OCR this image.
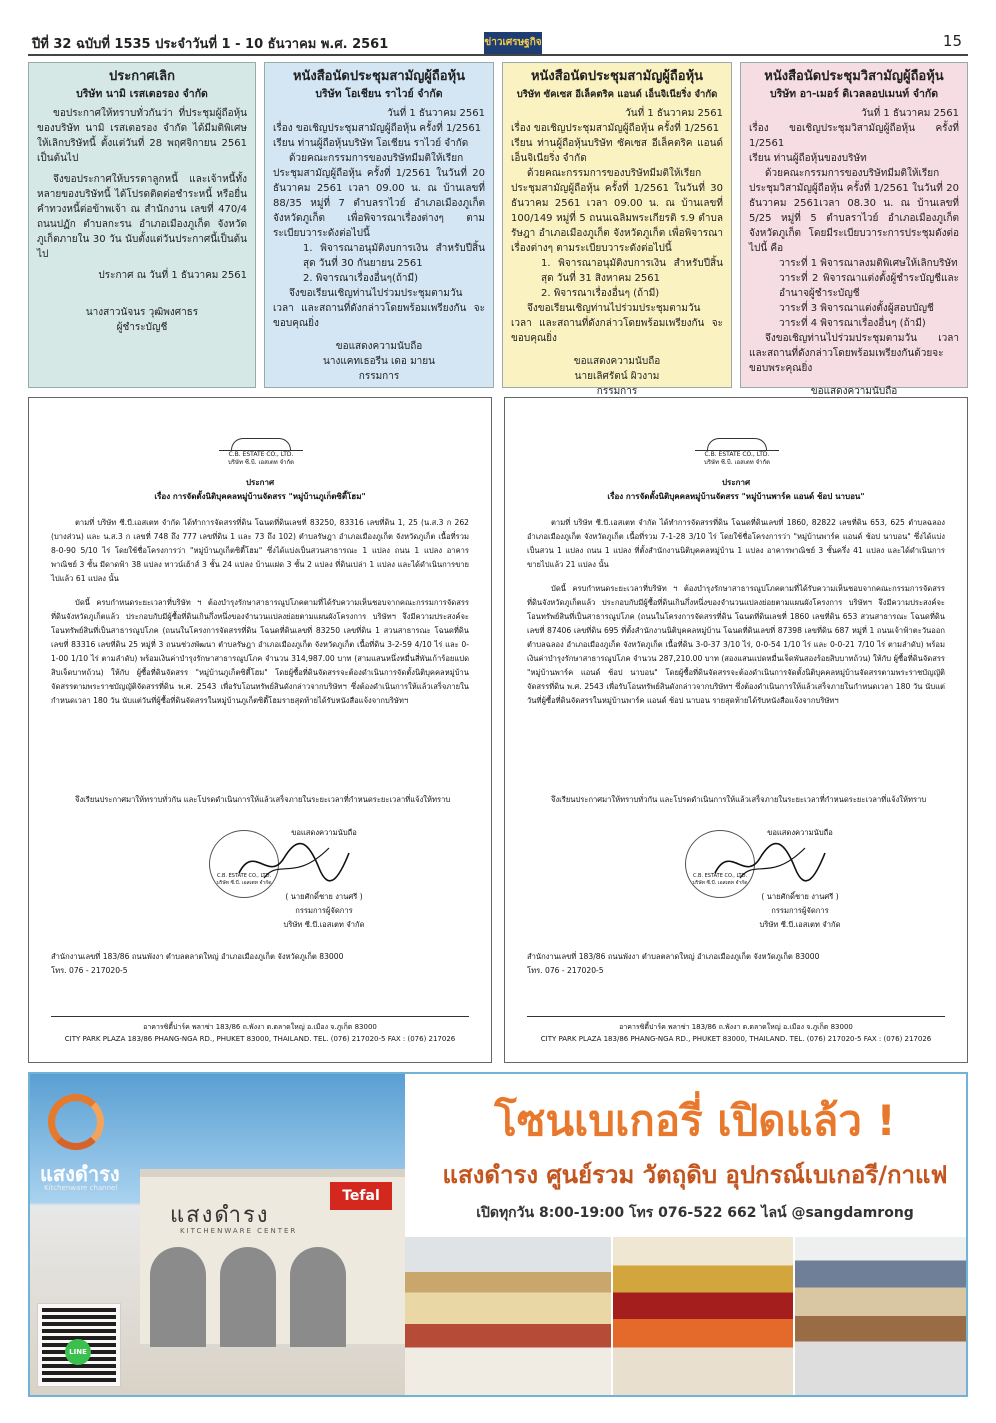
ปีที่ 32 ฉบับที่ 1535 ประจำวันที่ 1 - 10 ธันวาคม พ.ศ. 2561	ข่าวเศรษฐกิจ	15
ประกาศเลิก
บริษัท นามิ เรสเตอรอง จำกัด

ขอประกาศให้ทราบทั่วกันว่า ที่ประชุมผู้ถือหุ้นของบริษัท นามิ เรสเตอรอง จำกัด ได้มีมติพิเศษให้เลิกบริษัทนี้ ตั้งแต่วันที่ 28 พฤศจิกายน 2561 เป็นต้นไป

จึงขอประกาศให้บรรดาลูกหนี้ และเจ้าหนี้ทั้งหลายของบริษัทนี้ ได้โปรดติดต่อชำระหนี้ หรือยื่นคำทวงหนี้ต่อข้าพเจ้า ณ สำนักงาน เลขที่ 470/4 ถนนปฏัก ตำบลกะรน อำเภอเมืองภูเก็ต จังหวัดภูเก็ตภายใน 30 วัน นับตั้งแต่วันประกาศนี้เป็นต้นไป

ประกาศ ณ วันที่ 1 ธันวาคม 2561

นางสาวนัจนร วุฒิพงศาธร
ผู้ชำระบัญชี
หนังสือนัดประชุมสามัญผู้ถือหุ้น
บริษัท โอเชียน ราไวย์ จำกัด
วันที่ 1 ธันวาคม 2561

เรื่อง ขอเชิญประชุมสามัญผู้ถือหุ้น ครั้งที่ 1/2561

เรียน ท่านผู้ถือหุ้นบริษัท โอเชียน ราไวย์ จำกัด

ด้วยคณะกรรมการของบริษัทมีมติให้เรียกประชุมสามัญผู้ถือหุ้น ครั้งที่ 1/2561 ในวันที่ 20 ธันวาคม 2561 เวลา 09.00 น. ณ บ้านเลขที่ 88/35 หมู่ที่ 7 ตำบลราไวย์ อำเภอเมืองภูเก็ต จังหวัดภูเก็ต เพื่อพิจารณาเรื่องต่างๆ ตามระเบียบวาระดังต่อไปนี้

1. พิจารณาอนุมัติงบการเงิน สำหรับปีสิ้นสุด วันที่ 30 กันยายน 2561

2. พิจารณาเรื่องอื่นๆ(ถ้ามี)

จึงขอเรียนเชิญท่านไปร่วมประชุมตามวัน เวลา และสถานที่ดังกล่าวโดยพร้อมเพรียงกัน จะขอบคุณยิ่ง

ขอแสดงความนับถือ
นางแคทเธอรีน เดอ มายน
กรรมการ
หนังสือนัดประชุมสามัญผู้ถือหุ้น
บริษัท ซัคเซส อีเล็คตริค แอนด์ เอ็นจิเนียริ่ง จำกัด
วันที่ 1 ธันวาคม 2561

เรื่อง ขอเชิญประชุมสามัญผู้ถือหุ้น ครั้งที่ 1/2561

เรียน ท่านผู้ถือหุ้นบริษัท ซัคเซส อีเล็คตริค แอนด์ เอ็นจิเนียริ่ง จำกัด

ด้วยคณะกรรมการของบริษัทมีมติให้เรียกประชุมสามัญผู้ถือหุ้น ครั้งที่ 1/2561 ในวันที่ 30 ธันวาคม 2561 เวลา 09.00 น. ณ บ้านเลขที่ 100/149 หมู่ที่ 5 ถนนเฉลิมพระเกียรติ ร.9 ตำบลรัษฎา อำเภอเมืองภูเก็ต จังหวัดภูเก็ต เพื่อพิจารณาเรื่องต่างๆ ตามระเบียบวาระดังต่อไปนี้

1. พิจารณาอนุมัติงบการเงิน สำหรับปีสิ้นสุด วันที่ 31 สิงหาคม 2561

2. พิจารณาเรื่องอื่นๆ (ถ้ามี)

จึงขอเรียนเชิญท่านไปร่วมประชุมตามวัน เวลา และสถานที่ดังกล่าวโดยพร้อมเพรียงกัน จะขอบคุณยิ่ง

ขอแสดงความนับถือ
นายเลิศรัตน์ ผิวงาม
กรรมการ
หนังสือนัดประชุมวิสามัญผู้ถือหุ้น
บริษัท อา-เมอร์ ดิเวลลอปเมนท์ จำกัด
วันที่ 1 ธันวาคม 2561

เรื่อง ขอเชิญประชุมวิสามัญผู้ถือหุ้น ครั้งที่ 1/2561

เรียน ท่านผู้ถือหุ้นของบริษัท

ด้วยคณะกรรมการของบริษัทมีมติให้เรียกประชุมวิสามัญผู้ถือหุ้น ครั้งที่ 1/2561 ในวันที่ 20 ธันวาคม 2561เวลา 08.30 น. ณ บ้านเลขที่ 5/25 หมู่ที่ 5 ตำบลราไวย์ อำเภอเมืองภูเก็ต จังหวัดภูเก็ต โดยมีระเบียบวาระการประชุมดังต่อไปนี้ คือ

วาระที่ 1 พิจารณาลงมติพิเศษให้เลิกบริษัท

วาระที่ 2 พิจารณาแต่งตั้งผู้ชำระบัญชีและอำนาจผู้ชำระบัญชี

วาระที่ 3 พิจารณาแต่งตั้งผู้สอบบัญชี

วาระที่ 4 พิจารณาเรื่องอื่นๆ (ถ้ามี)

จึงขอเชิญท่านไปร่วมประชุมตามวัน เวลา และสถานที่ดังกล่าวโดยพร้อมเพรียงกันด้วยจะขอบพระคุณยิ่ง

ขอแสดงความนับถือ
C.B. ESTATE CO., LTD.
บริษัท ซี.บี. เอสเตท จำกัด
ประกาศ
เรื่อง การจัดตั้งนิติบุคคลหมู่บ้านจัดสรร "หมู่บ้านภูเก็ตซิตี้โฮม"

ตามที่ บริษัท ซี.บี.เอสเตท จำกัด ได้ทำการจัดสรรที่ดิน โฉนดที่ดินเลขที่ 83250, 83316 เลขที่ดิน 1, 25 (น.ส.3 ก 262 (บางส่วน) และ น.ส.3 ก เลขที่ 748 ถึง 777 เลขที่ดิน 1 และ 73 ถึง 102) ตำบลรัษฎา อำเภอเมืองภูเก็ต จังหวัดภูเก็ต เนื้อที่รวม 8-0-90 5/10 ไร่ โดยใช้ชื่อโครงการว่า "หมู่บ้านภูเก็ตซิตี้โฮม" ซึ่งได้แบ่งเป็นสวนสาธารณะ 1 แปลง ถนน 1 แปลง อาคารพาณิชย์ 3 ชั้น มีดาดฟ้า 38 แปลง ทาวน์เฮ้าส์ 3 ชั้น 24 แปลง บ้านแฝด 3 ชั้น 2 แปลง ที่ดินเปล่า 1 แปลง และได้ดำเนินการขายไปแล้ว 61 แปลง นั้น

บัดนี้ ครบกำหนดระยะเวลาที่บริษัท ฯ ต้องบำรุงรักษาสาธารณูปโภคตามที่ได้รับความเห็นชอบจากคณะกรรมการจัดสรรที่ดินจังหวัดภูเก็ตแล้ว ประกอบกับมีผู้ซื้อที่ดินเกินกึ่งหนึ่งของจำนวนแปลงย่อยตามแผนผังโครงการ บริษัทฯ จึงมีความประสงค์จะโอนทรัพย์สินที่เป็นสาธารณูปโภค (ถนนในโครงการจัดสรรที่ดิน โฉนดที่ดินเลขที่ 83250 เลขที่ดิน 1 สวนสาธารณะ โฉนดที่ดินเลขที่ 83316 เลขที่ดิน 25 หมู่ที่ 3 ถนนช่วงพัฒนา ตำบลรัษฎา อำเภอเมืองภูเก็ต จังหวัดภูเก็ต เนื้อที่ดิน 3-2-59 4/10 ไร่ และ 0-1-00 1/10 ไร่ ตามลำดับ) พร้อมเงินค่าบำรุงรักษาสาธารณูปโภค จำนวน 314,987.00 บาท (สามแสนหนึ่งหมื่นสี่พันเก้าร้อยแปดสิบเจ็ดบาทถ้วน) ให้กับ ผู้ซื้อที่ดินจัดสรร "หมู่บ้านภูเก็ตซิตี้โฮม" โดยผู้ซื้อที่ดินจัดสรรจะต้องดำเนินการจัดตั้งนิติบุคคลหมู่บ้านจัดสรรตามพระราชบัญญัติจัดสรรที่ดิน พ.ศ. 2543 เพื่อรับโอนทรัพย์สินดังกล่าวจากบริษัทฯ ซึ่งต้องดำเนินการให้แล้วเสร็จภายในกำหนดเวลา 180 วัน นับแต่วันที่ผู้ซื้อที่ดินจัดสรรในหมู่บ้านภูเก็ตซิตี้โฮมรายสุดท้ายได้รับหนังสือแจ้งจากบริษัทฯ

จึงเรียนประกาศมาให้ทราบทั่วกัน และโปรดดำเนินการให้แล้วเสร็จภายในระยะเวลาที่กำหนดระยะเวลาที่แจ้งให้ทราบ

C.B. ESTATE CO., LTD.
บริษัท ซี.บี. เอสเตท จำกัด
ขอแสดงความนับถือ
( นายศักดิ์ชาย งานศรี )
กรรมการผู้จัดการ
บริษัท ซี.บี.เอสเตท จำกัด
สำนักงานเลขที่ 183/86 ถนนพังงา ตำบลตลาดใหญ่ อำเภอเมืองภูเก็ต จังหวัดภูเก็ต 83000
โทร. 076 - 217020-5
อาคารซิตี้ปาร์ค พลาซ่า 183/86 ถ.พังงา ต.ตลาดใหญ่ อ.เมือง จ.ภูเก็ต 83000
CITY PARK PLAZA 183/86 PHANG-NGA RD., PHUKET 83000, THAILAND. TEL. (076) 217020-5 FAX : (076) 217026
C.B. ESTATE CO., LTD.
บริษัท ซี.บี. เอสเตท จำกัด
ประกาศ
เรื่อง การจัดตั้งนิติบุคคลหมู่บ้านจัดสรร "หมู่บ้านพาร์ค แอนด์ ช้อป นาบอน"

ตามที่ บริษัท ซี.บี.เอสเตท จำกัด ได้ทำการจัดสรรที่ดิน โฉนดที่ดินเลขที่ 1860, 82822 เลขที่ดิน 653, 625 ตำบลฉลอง อำเภอเมืองภูเก็ต จังหวัดภูเก็ต เนื้อที่รวม 7-1-28 3/10 ไร่ โดยใช้ชื่อโครงการว่า "หมู่บ้านพาร์ค แอนด์ ช้อป นาบอน" ซึ่งได้แบ่งเป็นสวน 1 แปลง ถนน 1 แปลง ที่ตั้งสำนักงานนิติบุคคลหมู่บ้าน 1 แปลง อาคารพาณิชย์ 3 ชั้นครึ่ง 41 แปลง และได้ดำเนินการขายไปแล้ว 21 แปลง นั้น

บัดนี้ ครบกำหนดระยะเวลาที่บริษัท ฯ ต้องบำรุงรักษาสาธารณูปโภคตามที่ได้รับความเห็นชอบจากคณะกรรมการจัดสรรที่ดินจังหวัดภูเก็ตแล้ว ประกอบกับมีผู้ซื้อที่ดินเกินกึ่งหนึ่งของจำนวนแปลงย่อยตามแผนผังโครงการ บริษัทฯ จึงมีความประสงค์จะโอนทรัพย์สินที่เป็นสาธารณูปโภค (ถนนในโครงการจัดสรรที่ดิน โฉนดที่ดินเลขที่ 1860 เลขที่ดิน 653 สวนสาธารณะ โฉนดที่ดินเลขที่ 87406 เลขที่ดิน 695 ที่ตั้งสำนักงานนิติบุคคลหมู่บ้าน โฉนดที่ดินเลขที่ 87398 เลขที่ดิน 687 หมู่ที่ 1 ถนนเจ้าฟ้าตะวันออก ตำบลฉลอง อำเภอเมืองภูเก็ต จังหวัดภูเก็ต เนื้อที่ดิน 3-0-37 3/10 ไร่, 0-0-54 1/10 ไร่ และ 0-0-21 7/10 ไร่ ตามลำดับ) พร้อมเงินค่าบำรุงรักษาสาธารณูปโภค จำนวน 287,210.00 บาท (สองแสนแปดหมื่นเจ็ดพันสองร้อยสิบบาทถ้วน) ให้กับ ผู้ซื้อที่ดินจัดสรร "หมู่บ้านพาร์ค แอนด์ ช้อป นาบอน" โดยผู้ซื้อที่ดินจัดสรรจะต้องดำเนินการจัดตั้งนิติบุคคลหมู่บ้านจัดสรรตามพระราชบัญญัติจัดสรรที่ดิน พ.ศ. 2543 เพื่อรับโอนทรัพย์สินดังกล่าวจากบริษัทฯ ซึ่งต้องดำเนินการให้แล้วเสร็จภายในกำหนดเวลา 180 วัน นับแต่วันที่ผู้ซื้อที่ดินจัดสรรในหมู่บ้านพาร์ค แอนด์ ช้อป นาบอน รายสุดท้ายได้รับหนังสือแจ้งจากบริษัทฯ

จึงเรียนประกาศมาให้ทราบทั่วกัน และโปรดดำเนินการให้แล้วเสร็จภายในระยะเวลาที่กำหนดระยะเวลาที่แจ้งให้ทราบ

C.B. ESTATE CO., LTD.
บริษัท ซี.บี. เอสเตท จำกัด
ขอแสดงความนับถือ
( นายศักดิ์ชาย งานศรี )
กรรมการผู้จัดการ
บริษัท ซี.บี.เอสเตท จำกัด
สำนักงานเลขที่ 183/86 ถนนพังงา ตำบลตลาดใหญ่ อำเภอเมืองภูเก็ต จังหวัดภูเก็ต 83000
โทร. 076 - 217020-5
อาคารซิตี้ปาร์ค พลาซ่า 183/86 ถ.พังงา ต.ตลาดใหญ่ อ.เมือง จ.ภูเก็ต 83000
CITY PARK PLAZA 183/86 PHANG-NGA RD., PHUKET 83000, THAILAND. TEL. (076) 217020-5 FAX : (076) 217026
แสงดำรง
KITCHENWARE CENTER
Tefal
แสงดำรง
Kitchenware channel
LINE
โซนเบเกอรี่ เปิดแล้ว !
แสงดำรง ศูนย์รวม วัตถุดิบ อุปกรณ์เบเกอรี/กาแฟ
เปิดทุกวัน 8:00-19:00 โทร 076-522 662 ไลน์ @sangdamrong
